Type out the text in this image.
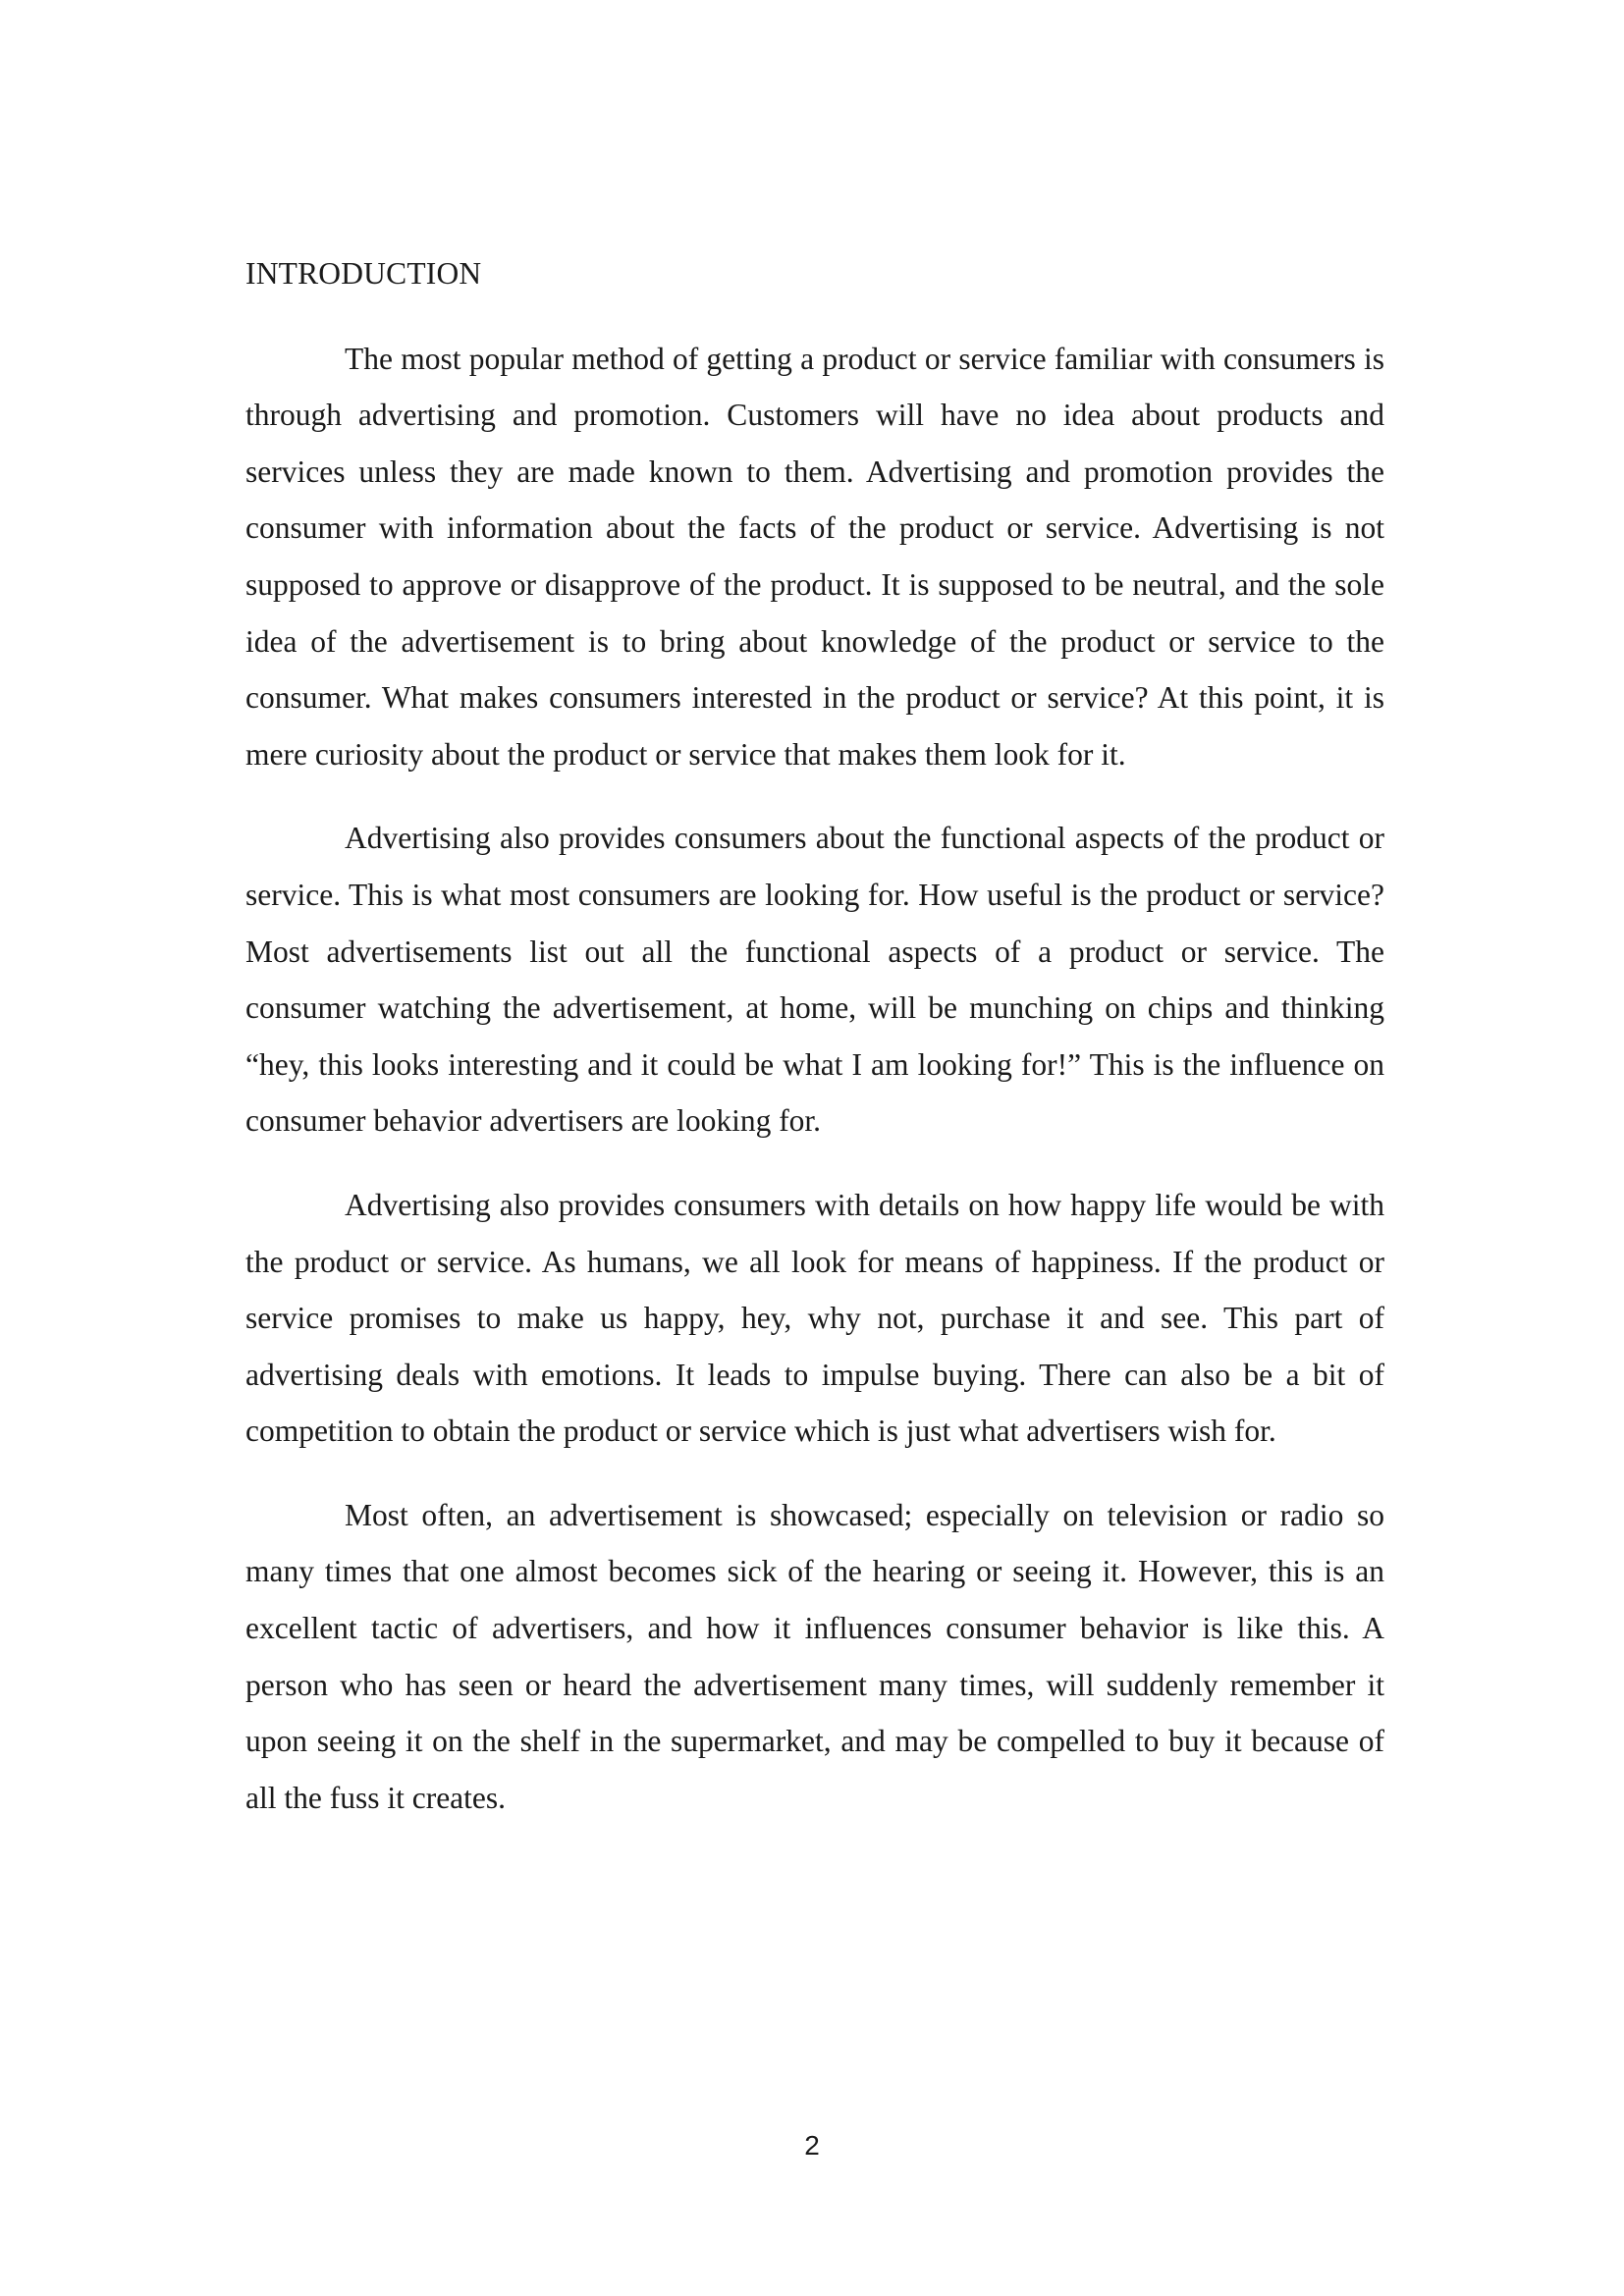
INTRODUCTION

The most popular method of getting a product or service familiar with consumers is through advertising and promotion. Customers will have no idea about products and services unless they are made known to them. Advertising and promotion provides the consumer with information about the facts of the product or service. Advertising is not supposed to approve or disapprove of the product. It is supposed to be neutral, and the sole idea of the advertisement is to bring about knowledge of the product or service to the consumer. What makes consumers interested in the product or service? At this point, it is mere curiosity about the product or service that makes them look for it.

Advertising also provides consumers about the functional aspects of the product or service. This is what most consumers are looking for. How useful is the product or service? Most advertisements list out all the functional aspects of a product or service. The consumer watching the advertisement, at home, will be munching on chips and thinking “hey, this looks interesting and it could be what I am looking for!” This is the influence on consumer behavior advertisers are looking for.

Advertising also provides consumers with details on how happy life would be with the product or service. As humans, we all look for means of happiness. If the product or service promises to make us happy, hey, why not, purchase it and see. This part of advertising deals with emotions. It leads to impulse buying. There can also be a bit of competition to obtain the product or service which is just what advertisers wish for.

Most often, an advertisement is showcased; especially on television or radio so many times that one almost becomes sick of the hearing or seeing it. However, this is an excellent tactic of advertisers, and how it influences consumer behavior is like this. A person who has seen or heard the advertisement many times, will suddenly remember it upon seeing it on the shelf in the supermarket, and may be compelled to buy it because of all the fuss it creates.

2
